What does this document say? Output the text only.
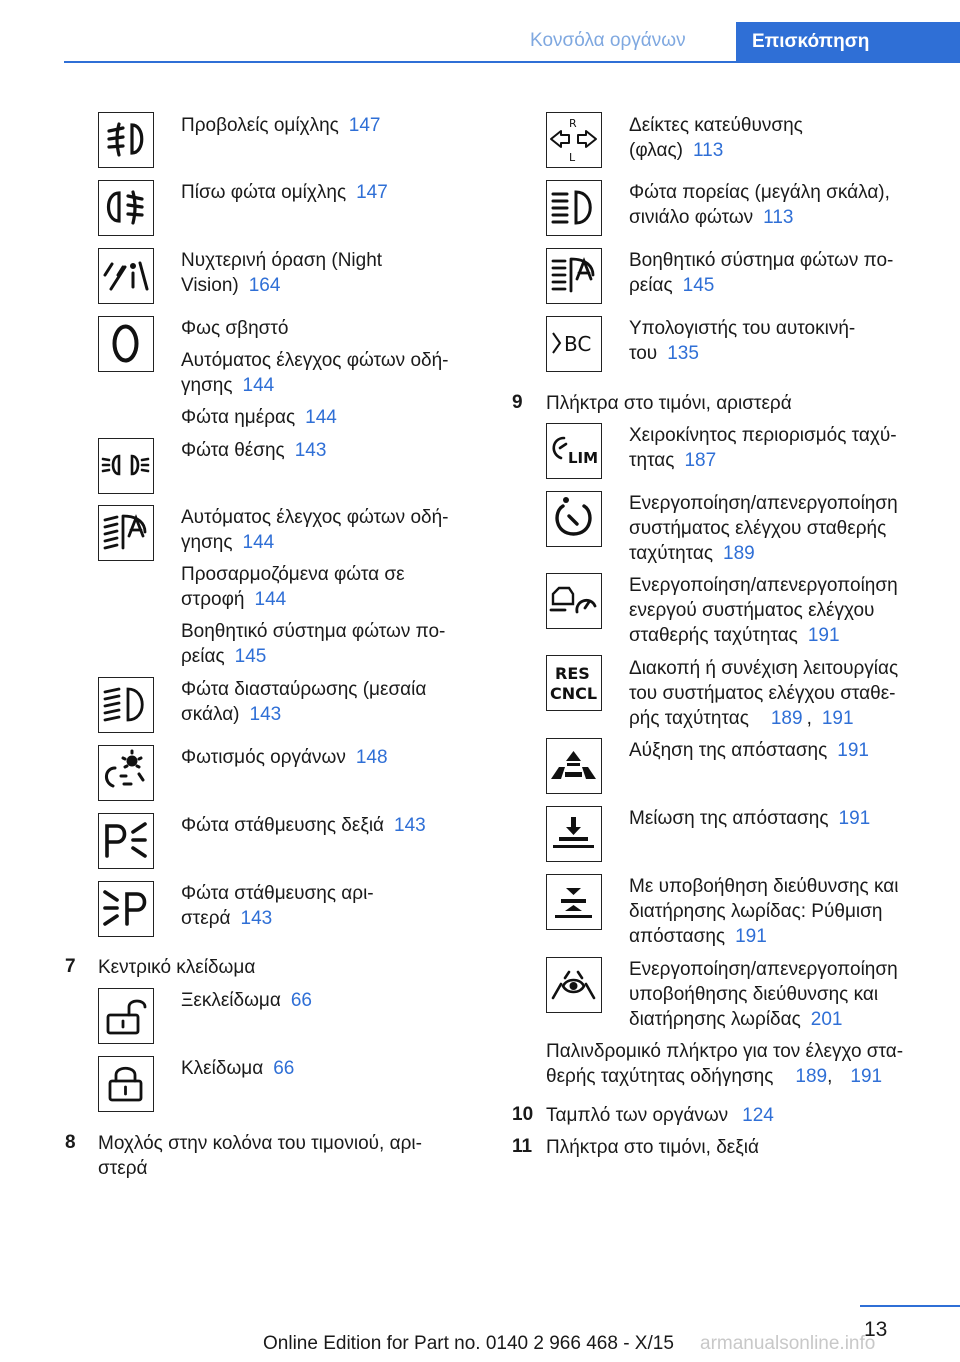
Κονσόλα οργάνων	Επισκόπηση
Προβολείς ομίχλης 147
Πίσω φώτα ομίχλης 147
Νυχτερινή όραση (Night
Vision) 164

Φως σβηστό

Αυτόματος έλεγχος φώτων οδή-
γησης 144

Φώτα ημέρας 144

Φώτα θέσης 143

Αυτόματος έλεγχος φώτων οδή-
γησης 144

Προσαρμοζόμενα φώτα σε
στροφή 144

Βοηθητικό σύστημα φώτων πο-
ρείας 145

Φώτα διασταύρωσης (μεσαία
σκάλα) 143
Φωτισμός οργάνων 148
Φώτα στάθμευσης δεξιά 143
Φώτα στάθμευσης αρι-
στερά 143
7 Κεντρικό κλείδωμα
Ξεκλείδωμα 66
Κλείδωμα 66
8 Μοχλός στην κολόνα του τιμονιού, αρι-
στερά
R
L
Δείκτες κατεύθυνσης
(φλας) 113
Φώτα πορείας (μεγάλη σκάλα),
σινιάλο φώτων 113
Βοηθητικό σύστημα φώτων πο-
ρείας 145
BC
Υπολογιστής του αυτοκινή-
του 135
9 Πλήκτρα στο τιμόνι, αριστερά
LIM
Χειροκίνητος περιορισμός ταχύ-
τητας 187
Ενεργοποίηση/απενεργοποίηση
συστήματος ελέγχου σταθερής
ταχύτητας 189
Ενεργοποίηση/απενεργοποίηση
ενεργού συστήματος ελέγχου
σταθερής ταχύτητας 191
RES
CNCL
Διακοπή ή συνέχιση λειτουργίας
του συστήματος ελέγχου σταθε-
ρής ταχύτητας 189 , 191
Αύξηση της απόστασης 191
Μείωση της απόστασης 191
Με υποβοήθηση διεύθυνσης και
διατήρησης λωρίδας: Ρύθμιση
απόστασης 191
Ενεργοποίηση/απενεργοποίηση
υποβοήθησης διεύθυνσης και
διατήρησης λωρίδας 201
Παλινδρομικό πλήκτρο για τον έλεγχο στα-
θερής ταχύτητας οδήγησης 189, 191
10 Ταμπλό των οργάνων 124
11 Πλήκτρα στο τιμόνι, δεξιά
13
Online Edition for Part no. 0140 2 966 468 - X/15 armanualsonline.info
